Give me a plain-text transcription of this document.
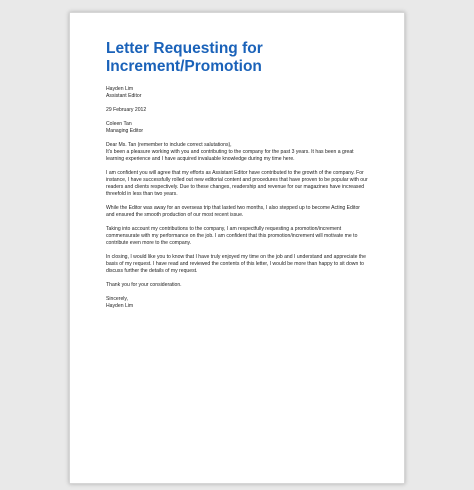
Letter Requesting for
Increment/Promotion

Hayden Lim
Assistant Editor

29 February 2012

Coleen Tan
Managing Editor

Dear Ms. Tan (remember to include correct salutations),

It's been a pleasure working with you and contributing to the company for the past 3 years. It has been a great learning experience and I have acquired invaluable knowledge during my time here.

I am confident you will agree that my efforts as Assistant Editor have contributed to the growth of the company. For instance, I have successfully rolled out new editorial content and procedures that have proven to be popular with our readers and clients respectively. Due to these changes, readership and revenue for our magazines have increased threefold in less than two years.

While the Editor was away for an overseas trip that lasted two months, I also stepped up to become Acting Editor and ensured the smooth production of our most recent issue.

Taking into account my contributions to the company, I am respectfully requesting a promotion/increment commensurate with my performance on the job. I am confident that this promotion/increment will motivate me to contribute even more to the company.

In closing, I would like you to know that I have truly enjoyed my time on the job and I understand and appreciate the basis of my request. I have read and reviewed the contents of this letter, I would be more than happy to sit down to discuss further the details of my request.

Thank you for your consideration.

Sincerely,
Hayden Lim
